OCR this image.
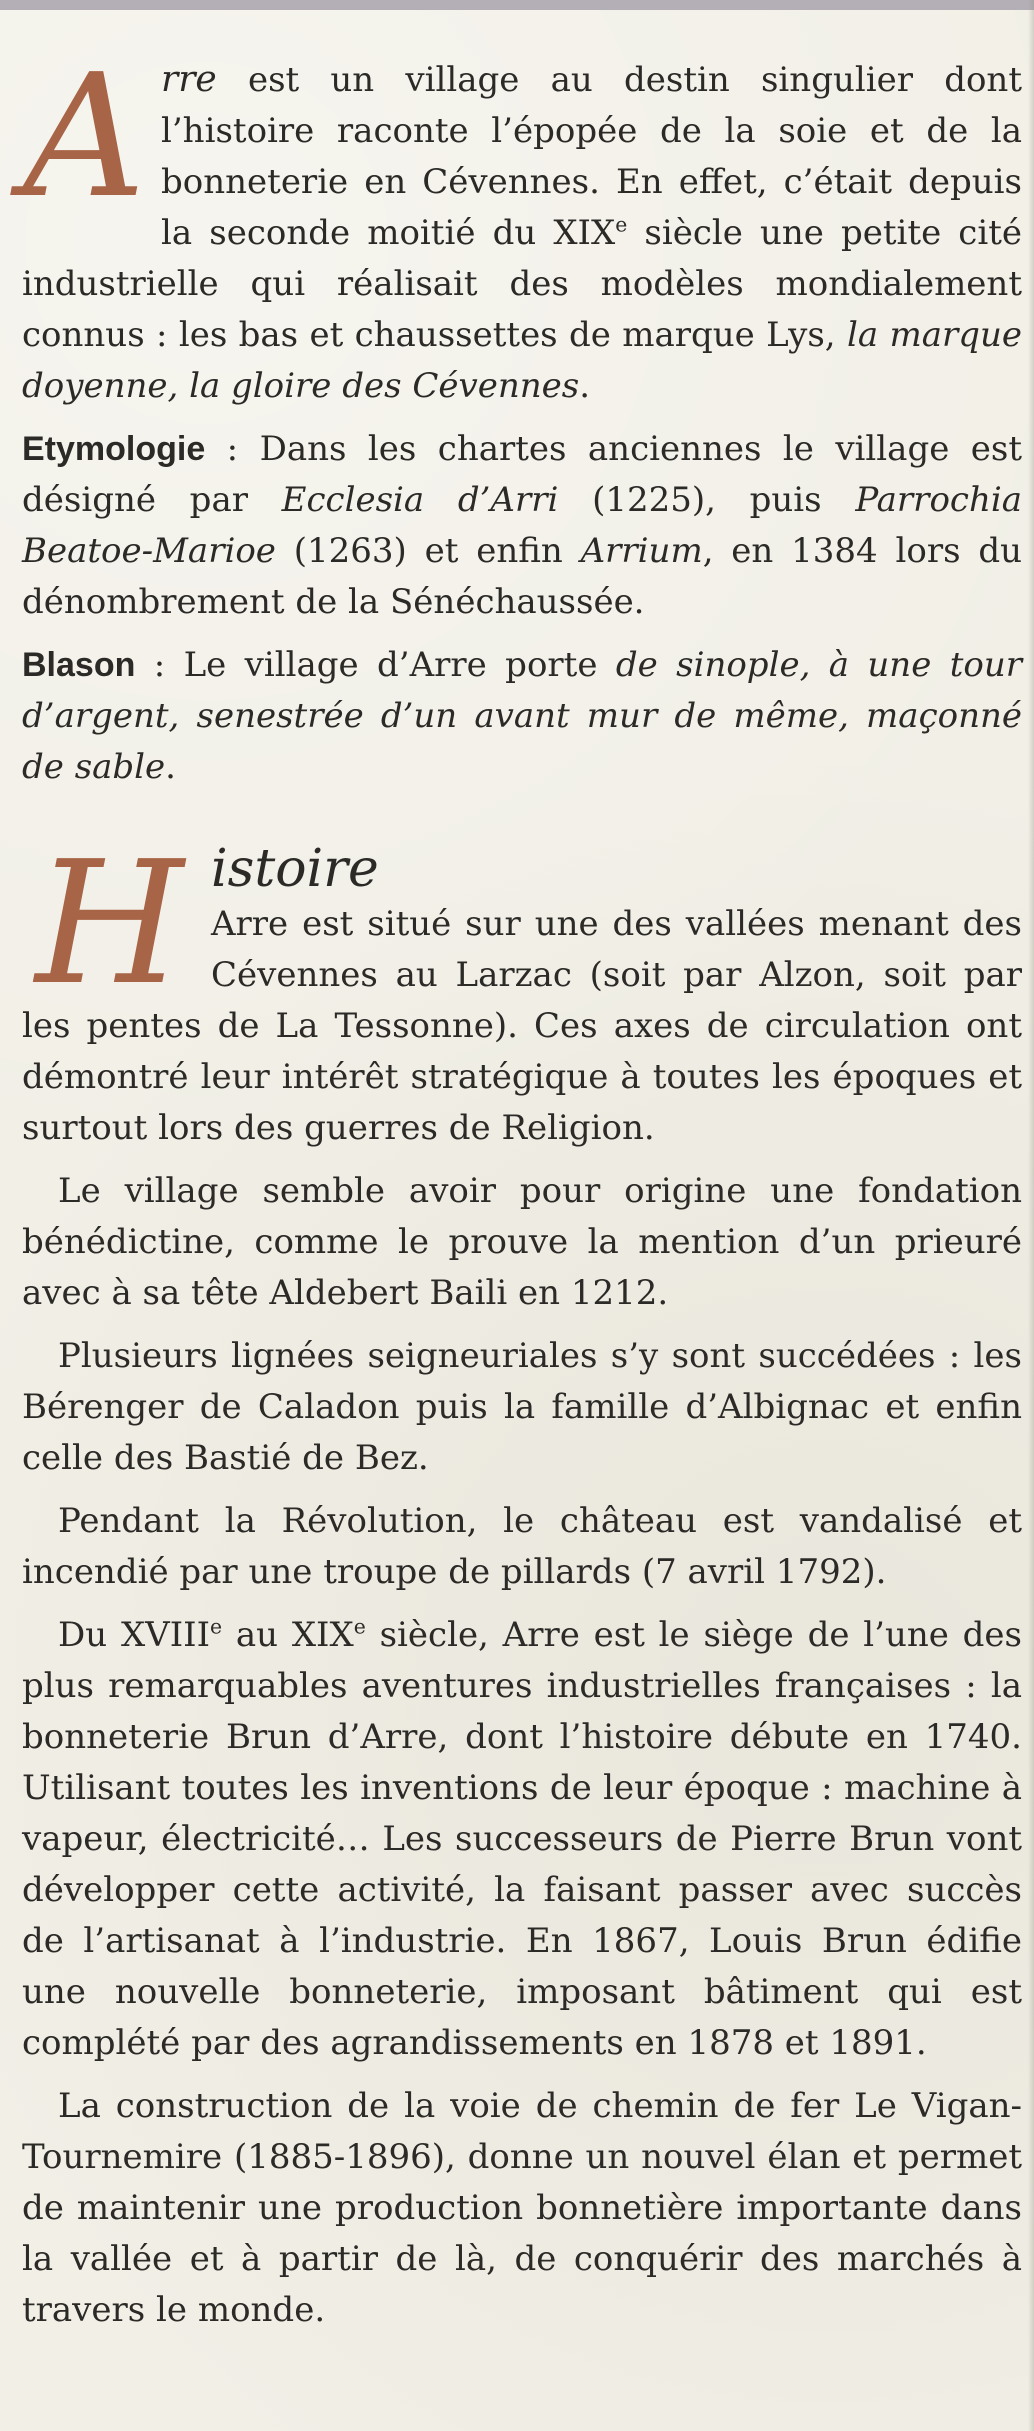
Arre est un village au destin singulier dont l’histoire raconte l’épopée de la soie et de la bonneterie en Cévennes. En effet, c’était depuis la seconde moitié du XIXe siècle une petite cité industrielle qui réalisait des modèles mondialement connus : les bas et chaussettes de marque Lys, la marque doyenne, la gloire des Cévennes.

Etymologie : Dans les chartes anciennes le village est désigné par Ecclesia d’Arri (1225), puis Parrochia Beatoe-Marioe (1263) et enfin Arrium, en 1384 lors du dénombrement de la Sénéchaussée.

Blason : Le village d’Arre porte de sinople, à une tour d’argent, senestrée d’un avant mur de même, maçonné de sable.

H istoire
Arre est situé sur une des vallées menant des Cévennes au Larzac (soit par Alzon, soit par les pentes de La Tessonne). Ces axes de circulation ont démontré leur intérêt stratégique à toutes les époques et surtout lors des guerres de Religion.

Le village semble avoir pour origine une fondation bénédictine, comme le prouve la mention d’un prieuré avec à sa tête Aldebert Baili en 1212.

Plusieurs lignées seigneuriales s’y sont succédées : les Bérenger de Caladon puis la famille d’Albignac et enfin celle des Bastié de Bez.

Pendant la Révolution, le château est vandalisé et incendié par une troupe de pillards (7 avril 1792).

Du XVIIIe au XIXe siècle, Arre est le siège de l’une des plus remarquables aventures industrielles françaises : la bonneterie Brun d’Arre, dont l’histoire débute en 1740. Utilisant toutes les inventions de leur époque : machine à vapeur, électricité… Les successeurs de Pierre Brun vont développer cette activité, la faisant passer avec succès de l’artisanat à l’industrie. En 1867, Louis Brun édifie une nouvelle bonneterie, imposant bâtiment qui est complété par des agrandissements en 1878 et 1891.

La construction de la voie de chemin de fer Le Vigan-Tournemire (1885-1896), donne un nouvel élan et permet de maintenir une production bonnetière importante dans la vallée et à partir de là, de conquérir des marchés à travers le monde.
